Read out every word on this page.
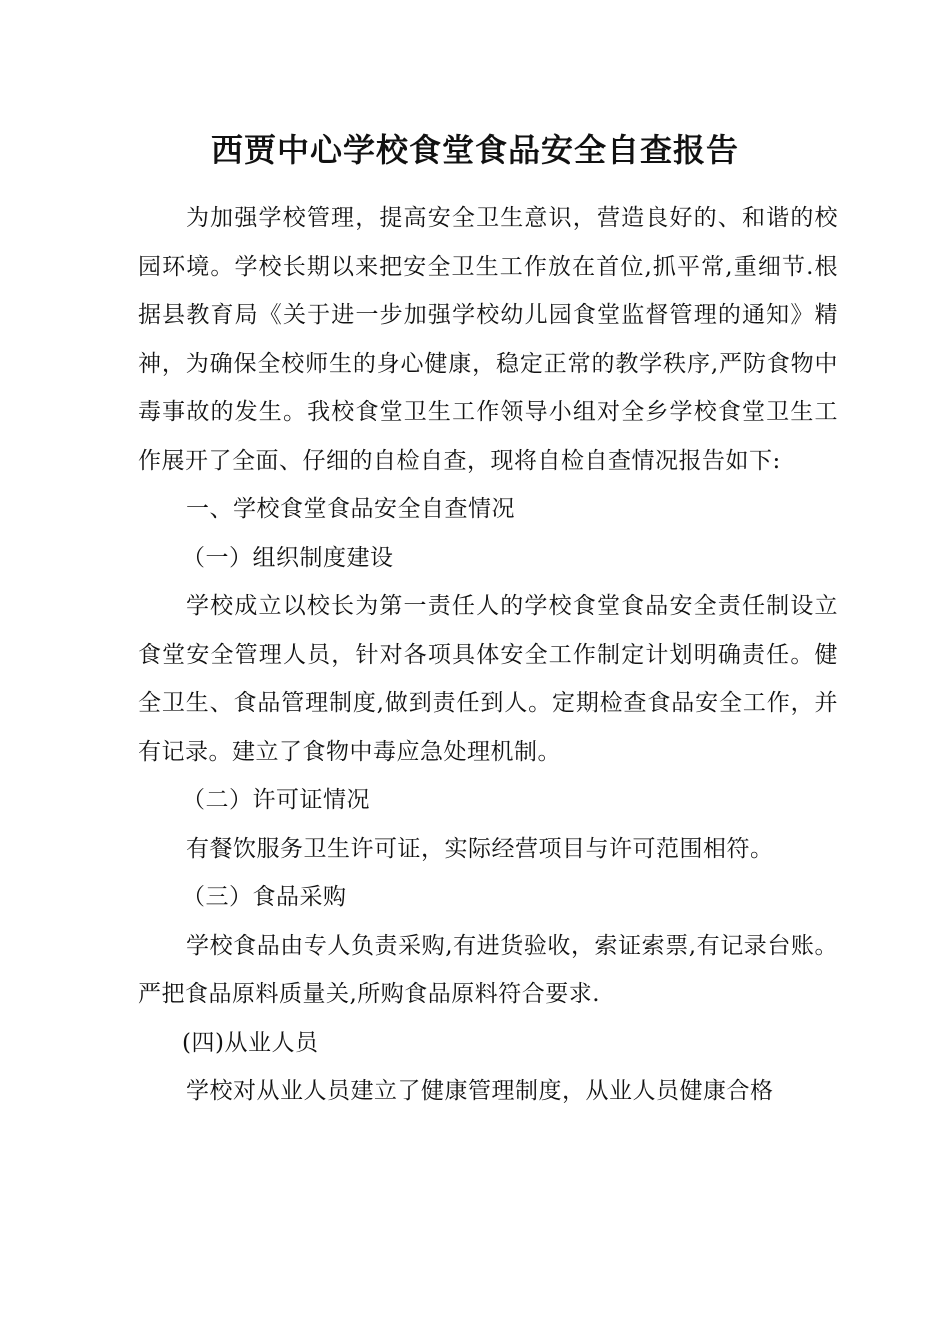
西贾中心学校食堂食品安全自查报告

为加强学校管理，提高安全卫生意识，营造良好的、和谐的校园环境。学校长期以来把安全卫生工作放在首位,抓平常,重细节.根据县教育局《关于进一步加强学校幼儿园食堂监督管理的通知》精神，为确保全校师生的身心健康，稳定正常的教学秩序,严防食物中毒事故的发生。我校食堂卫生工作领导小组对全乡学校食堂卫生工作展开了全面、仔细的自检自查，现将自检自查情况报告如下:

一、学校食堂食品安全自查情况

（一）组织制度建设

学校成立以校长为第一责任人的学校食堂食品安全责任制设立食堂安全管理人员，针对各项具体安全工作制定计划明确责任。健全卫生、食品管理制度,做到责任到人。定期检查食品安全工作，并有记录。建立了食物中毒应急处理机制。

（二）许可证情况

有餐饮服务卫生许可证，实际经营项目与许可范围相符。

（三）食品采购

学校食品由专人负责采购,有进货验收，索证索票,有记录台账。严把食品原料质量关,所购食品原料符合要求.

(四)从业人员

学校对从业人员建立了健康管理制度，从业人员健康合格
